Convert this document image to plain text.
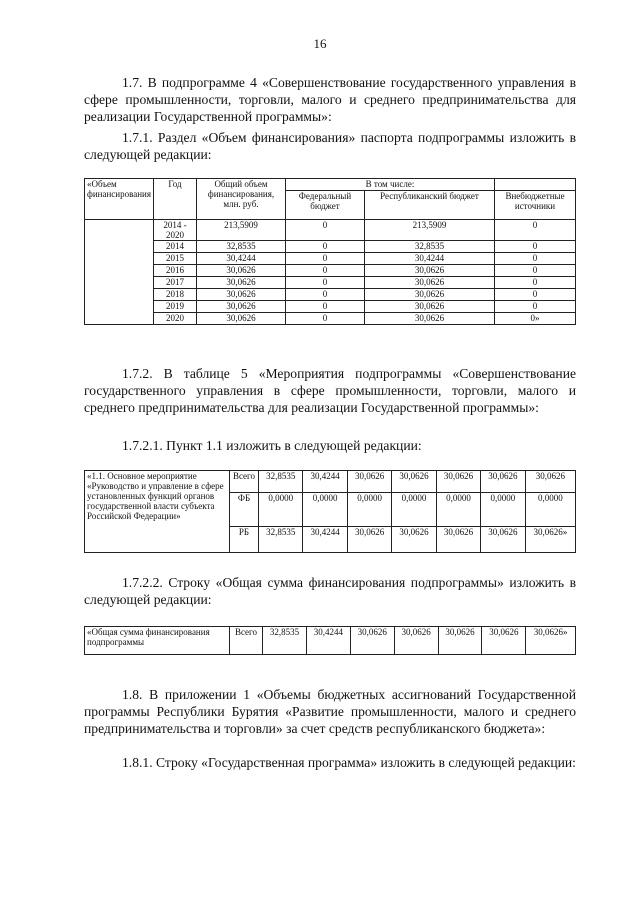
16
1.7. В подпрограмме 4 «Совершенствование государственного управления в сфере промышленности, торговли, малого и среднего предпринимательства для реализации Государственной программы»:
1.7.1. Раздел «Объем финансирования» паспорта подпрограммы изложить в следующей редакции:
«Объем финансирования	Год	Общий объем финансирования, млн. руб.	В том числе:		
			Федеральный бюджет	Республиканский бюджет	Внебюджетные источники
	2014 - 2020	213,5909	0	213,5909	0
	2014	32,8535	0	32,8535	0
	2015	30,4244	0	30,4244	0
	2016	30,0626	0	30,0626	0
	2017	30,0626	0	30,0626	0
	2018	30,0626	0	30,0626	0
	2019	30,0626	0	30,0626	0
	2020	30,0626	0	30,0626	0»
1.7.2. В таблице 5 «Мероприятия подпрограммы «Совершенствование государственного управления в сфере промышленности, торговли, малого и среднего предпринимательства для реализации Государственной программы»:
1.7.2.1. Пункт 1.1 изложить в следующей редакции:
«1.1. Основное мероприятие «Руководство и управление в сфере установленных функций органов государственной власти субъекта Российской Федерации»	Всего	32,8535	30,4244	30,0626	30,0626	30,0626	30,0626	30,0626
	ФБ	0,0000	0,0000	0,0000	0,0000	0,0000	0,0000	0,0000
	РБ	32,8535	30,4244	30,0626	30,0626	30,0626	30,0626	30,0626»
1.7.2.2. Строку «Общая сумма финансирования подпрограммы» изложить в следующей редакции:
«Общая сумма финансирования подпрограммы	Всего	32,8535	30,4244	30,0626	30,0626	30,0626	30,0626	30,0626»
1.8. В приложении 1 «Объемы бюджетных ассигнований Государственной программы Республики Бурятия «Развитие промышленности, малого и среднего предпринимательства и торговли» за счет средств республиканского бюджета»:
1.8.1. Строку «Государственная программа» изложить в следующей редакции:
